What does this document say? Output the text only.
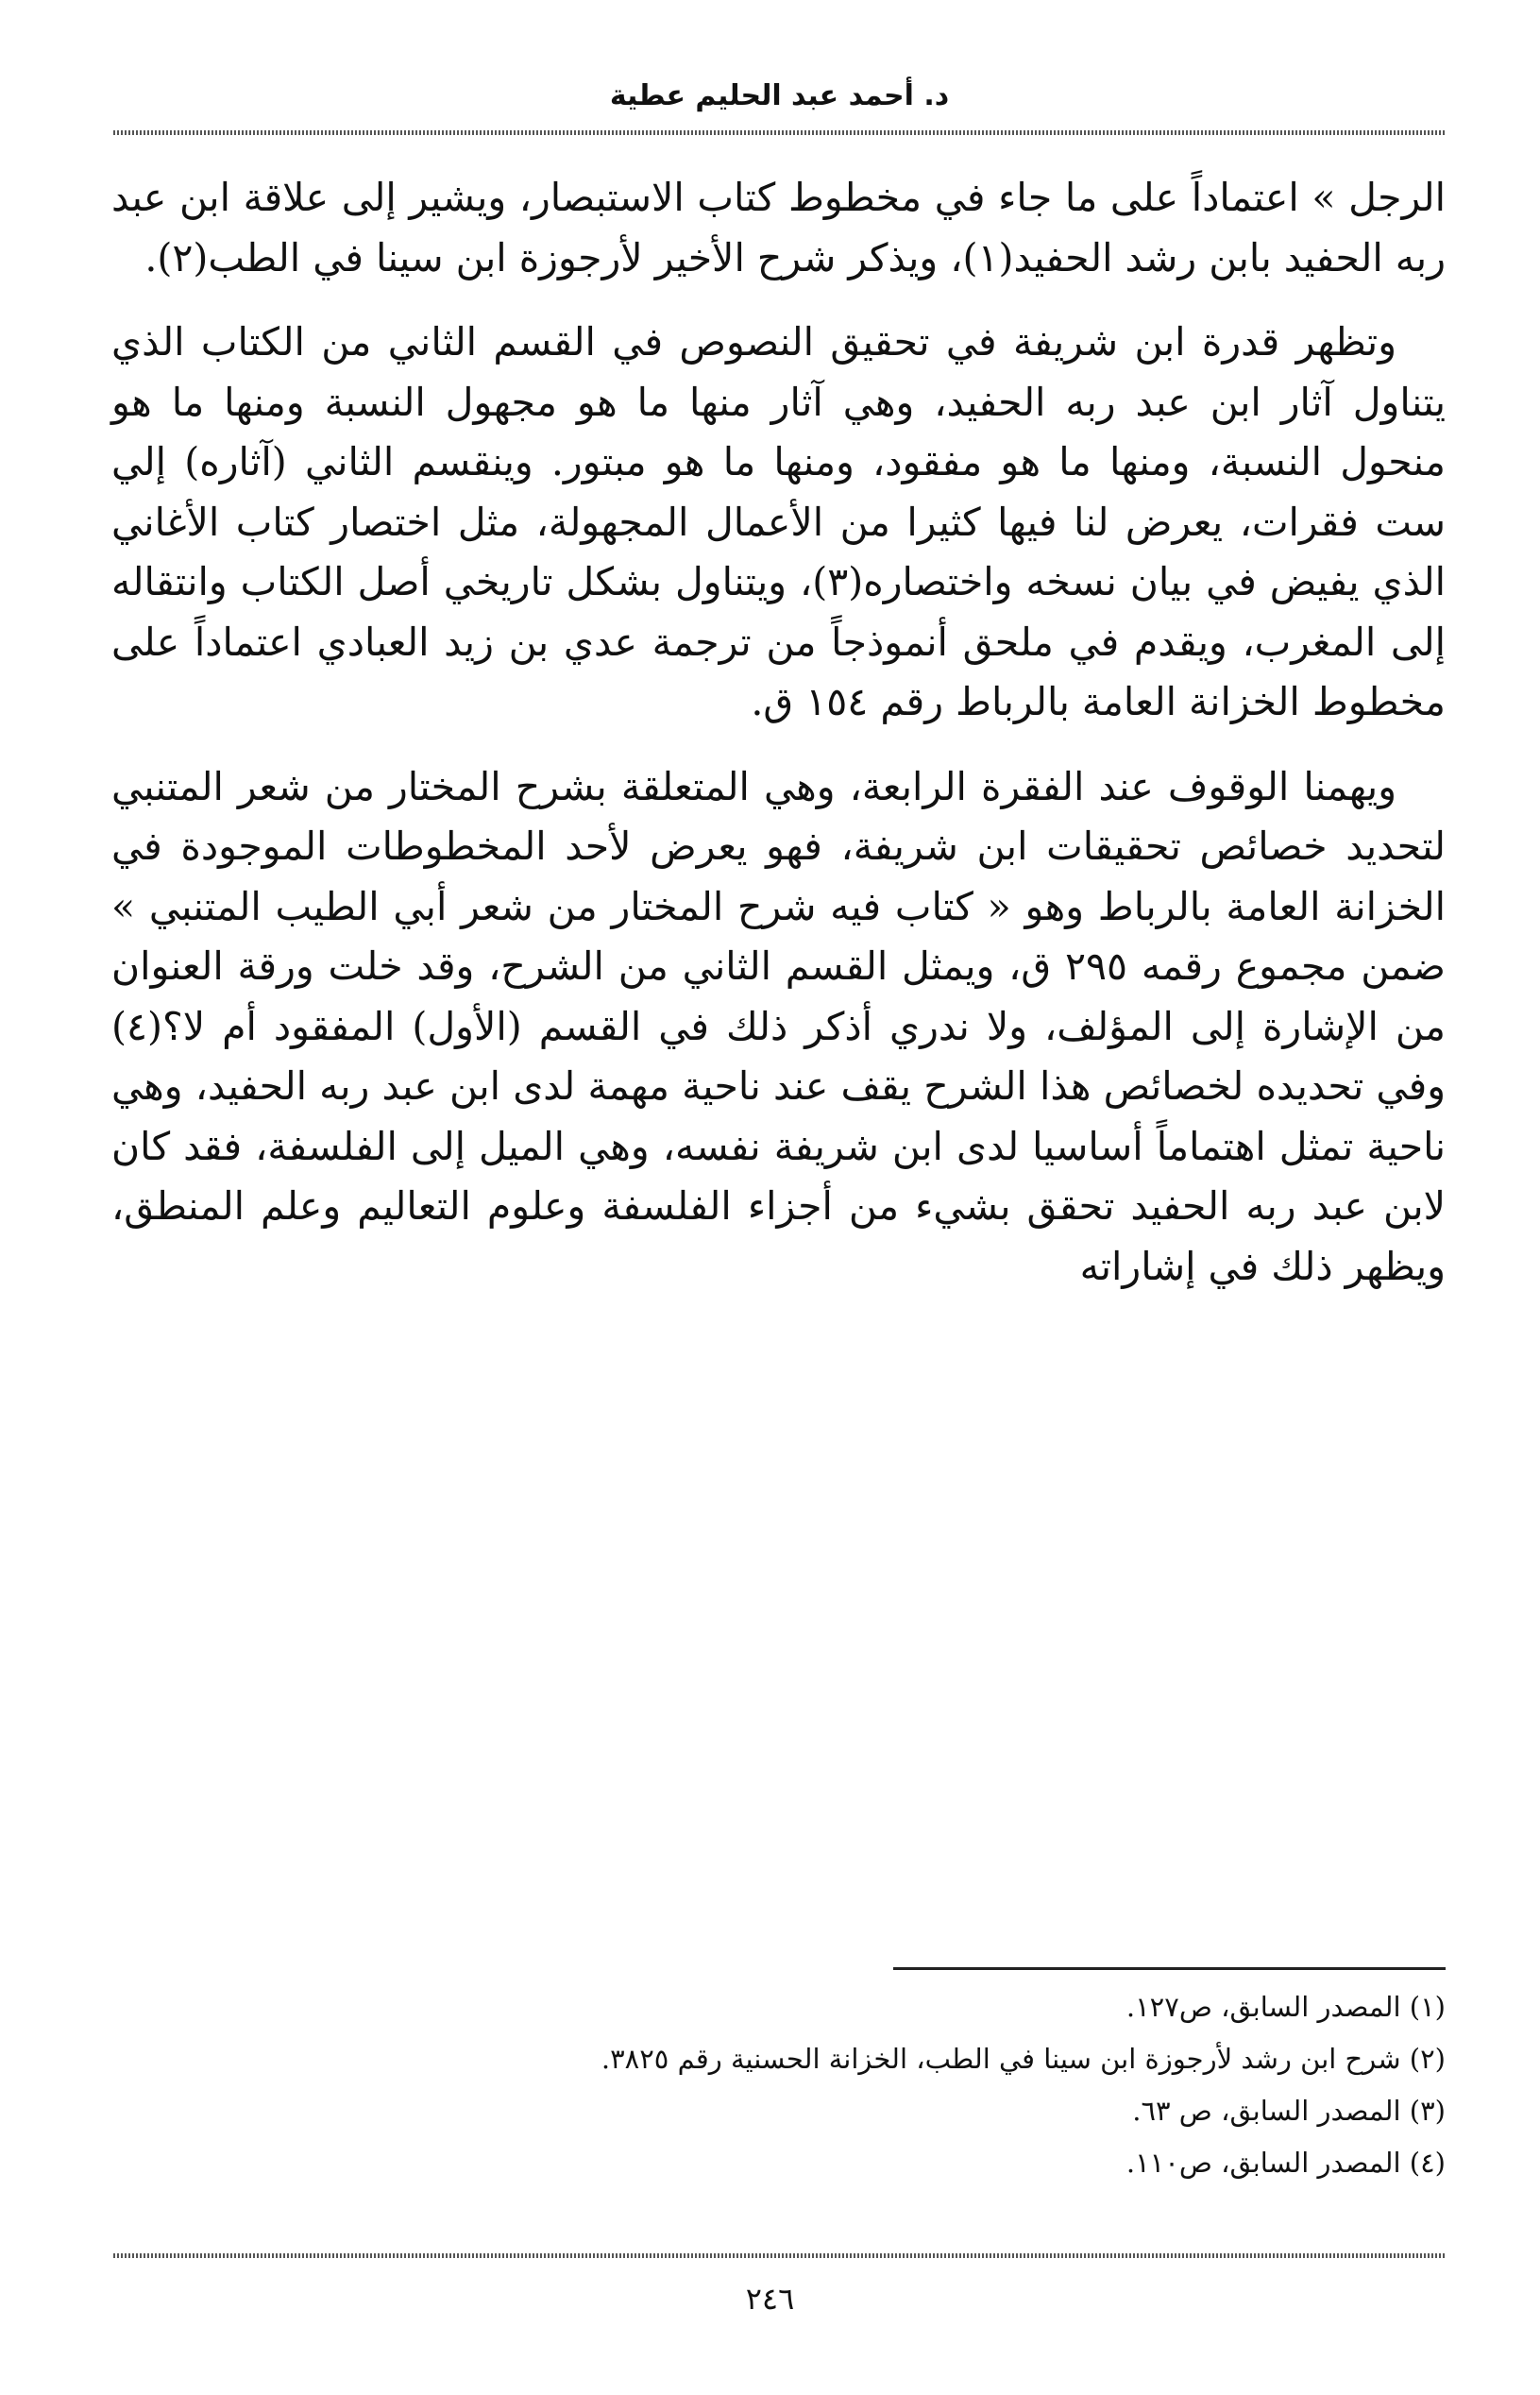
د. أحمد عبد الحليم عطية

الرجل » اعتماداً على ما جاء في مخطوط كتاب الاستبصار، ويشير إلى علاقة ابن عبد ربه الحفيد بابن رشد الحفيد(١)، ويذكر شرح الأخير لأرجوزة ابن سينا في الطب(٢).

وتظهر قدرة ابن شريفة في تحقيق النصوص في القسم الثاني من الكتاب الذي يتناول آثار ابن عبد ربه الحفيد، وهي آثار منها ما هو مجهول النسبة ومنها ما هو منحول النسبة، ومنها ما هو مفقود، ومنها ما هو مبتور. وينقسم الثاني (آثاره) إلي ست فقرات، يعرض لنا فيها كثيرا من الأعمال المجهولة، مثل اختصار كتاب الأغاني الذي يفيض في بيان نسخه واختصاره(٣)، ويتناول بشكل تاريخي أصل الكتاب وانتقاله إلى المغرب، ويقدم في ملحق أنموذجاً من ترجمة عدي بن زيد العبادي اعتماداً على مخطوط الخزانة العامة بالرباط رقم ١٥٤ ق.

ويهمنا الوقوف عند الفقرة الرابعة، وهي المتعلقة بشرح المختار من شعر المتنبي لتحديد خصائص تحقيقات ابن شريفة، فهو يعرض لأحد المخطوطات الموجودة في الخزانة العامة بالرباط وهو « كتاب فيه شرح المختار من شعر أبي الطيب المتنبي » ضمن مجموع رقمه ٢٩٥ ق، ويمثل القسم الثاني من الشرح، وقد خلت ورقة العنوان من الإشارة إلى المؤلف، ولا ندري أذكر ذلك في القسم (الأول) المفقود أم لا؟(٤) وفي تحديده لخصائص هذا الشرح يقف عند ناحية مهمة لدى ابن عبد ربه الحفيد، وهي ناحية تمثل اهتماماً أساسيا لدى ابن شريفة نفسه، وهي الميل إلى الفلسفة، فقد كان لابن عبد ربه الحفيد تحقق بشيء من أجزاء الفلسفة وعلوم التعاليم وعلم المنطق، ويظهر ذلك في إشاراته

(١) المصدر السابق، ص١٢٧.
(٢) شرح ابن رشد لأرجوزة ابن سينا في الطب، الخزانة الحسنية رقم ٣٨٢٥.
(٣) المصدر السابق، ص ٦٣.
(٤) المصدر السابق، ص١١٠.
٢٤٦
